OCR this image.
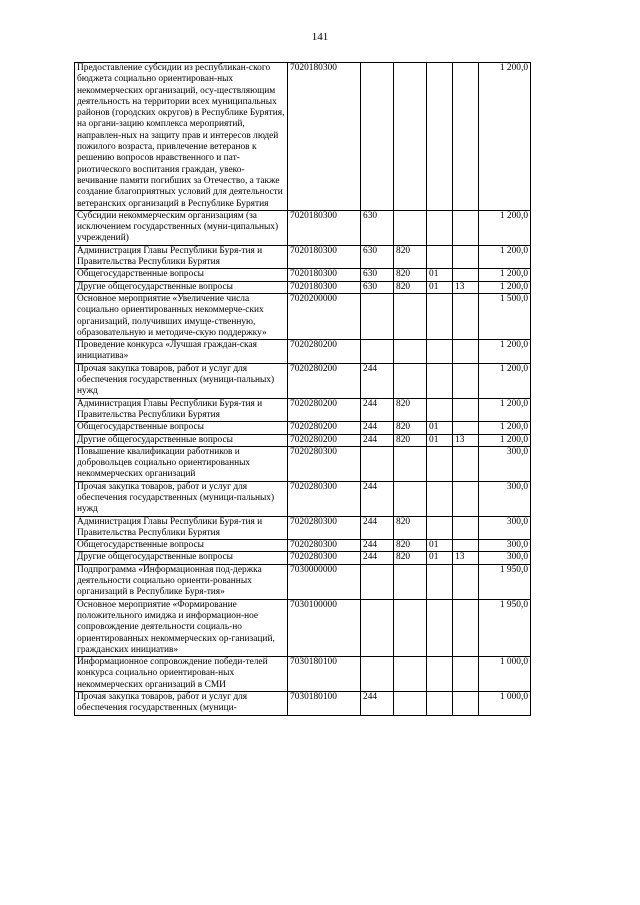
141
Предоставление субсидии из республикан-ского бюджета социально ориентирован-ных некоммерческих организаций, осу-ществляющим деятельность на территории всех муниципальных районов (городских округов) в Республике Бурятия, на органи-зацию комплекса мероприятий, направлен-ных на защиту прав и интересов людей пожилого возраста, привлечение ветеранов к решению вопросов нравственного и пат-риотического воспитания граждан, увеко-вечивание памяти погибших за Отечество, а также создание благоприятных условий для деятельности ветеранских организаций в Республике Бурятия	7020180300					1 200,0
Субсидии некоммерческим организациям (за исключением государственных (муни-ципальных) учреждений)	7020180300	630				1 200,0
Администрация Главы Республики Буря-тия и Правительства Республики Бурятия	7020180300	630	820			1 200,0
Общегосударственные вопросы	7020180300	630	820	01		1 200,0
Другие общегосударственные вопросы	7020180300	630	820	01	13	1 200,0
Основное мероприятие «Увеличение числа социально ориентированных некоммерче-ских организаций, получивших имуще-ственную, образовательную и методиче-скую поддержку»	7020200000					1 500,0
Проведение конкурса «Лучшая граждан-ская инициатива»	7020280200					1 200,0
Прочая закупка товаров, работ и услуг для обеспечения государственных (муници-пальных) нужд	7020280200	244				1 200,0
Администрация Главы Республики Буря-тия и Правительства Республики Бурятия	7020280200	244	820			1 200,0
Общегосударственные вопросы	7020280200	244	820	01		1 200,0
Другие общегосударственные вопросы	7020280200	244	820	01	13	1 200,0
Повышение квалификации работников и добровольцев социально ориентированных некоммерческих организаций	7020280300					300,0
Прочая закупка товаров, работ и услуг для обеспечения государственных (муници-пальных) нужд	7020280300	244				300,0
Администрация Главы Республики Буря-тия и Правительства Республики Бурятия	7020280300	244	820			300,0
Общегосударственные вопросы	7020280300	244	820	01		300,0
Другие общегосударственные вопросы	7020280300	244	820	01	13	300,0
Подпрограмма «Информационная под-держка деятельности социально ориенти-рованных организаций в Республике Буря-тия»	7030000000					1 950,0
Основное мероприятие «Формирование положительного имиджа и информацион-ное сопровождение деятельности социаль-но ориентированных некоммерческих ор-ганизаций, гражданских инициатив»	7030100000					1 950,0
Информационное сопровождение победи-телей конкурса социально ориентирован-ных некоммерческих организаций в СМИ	7030180100					1 000,0
Прочая закупка товаров, работ и услуг для обеспечения государственных (муници-	7030180100	244				1 000,0
